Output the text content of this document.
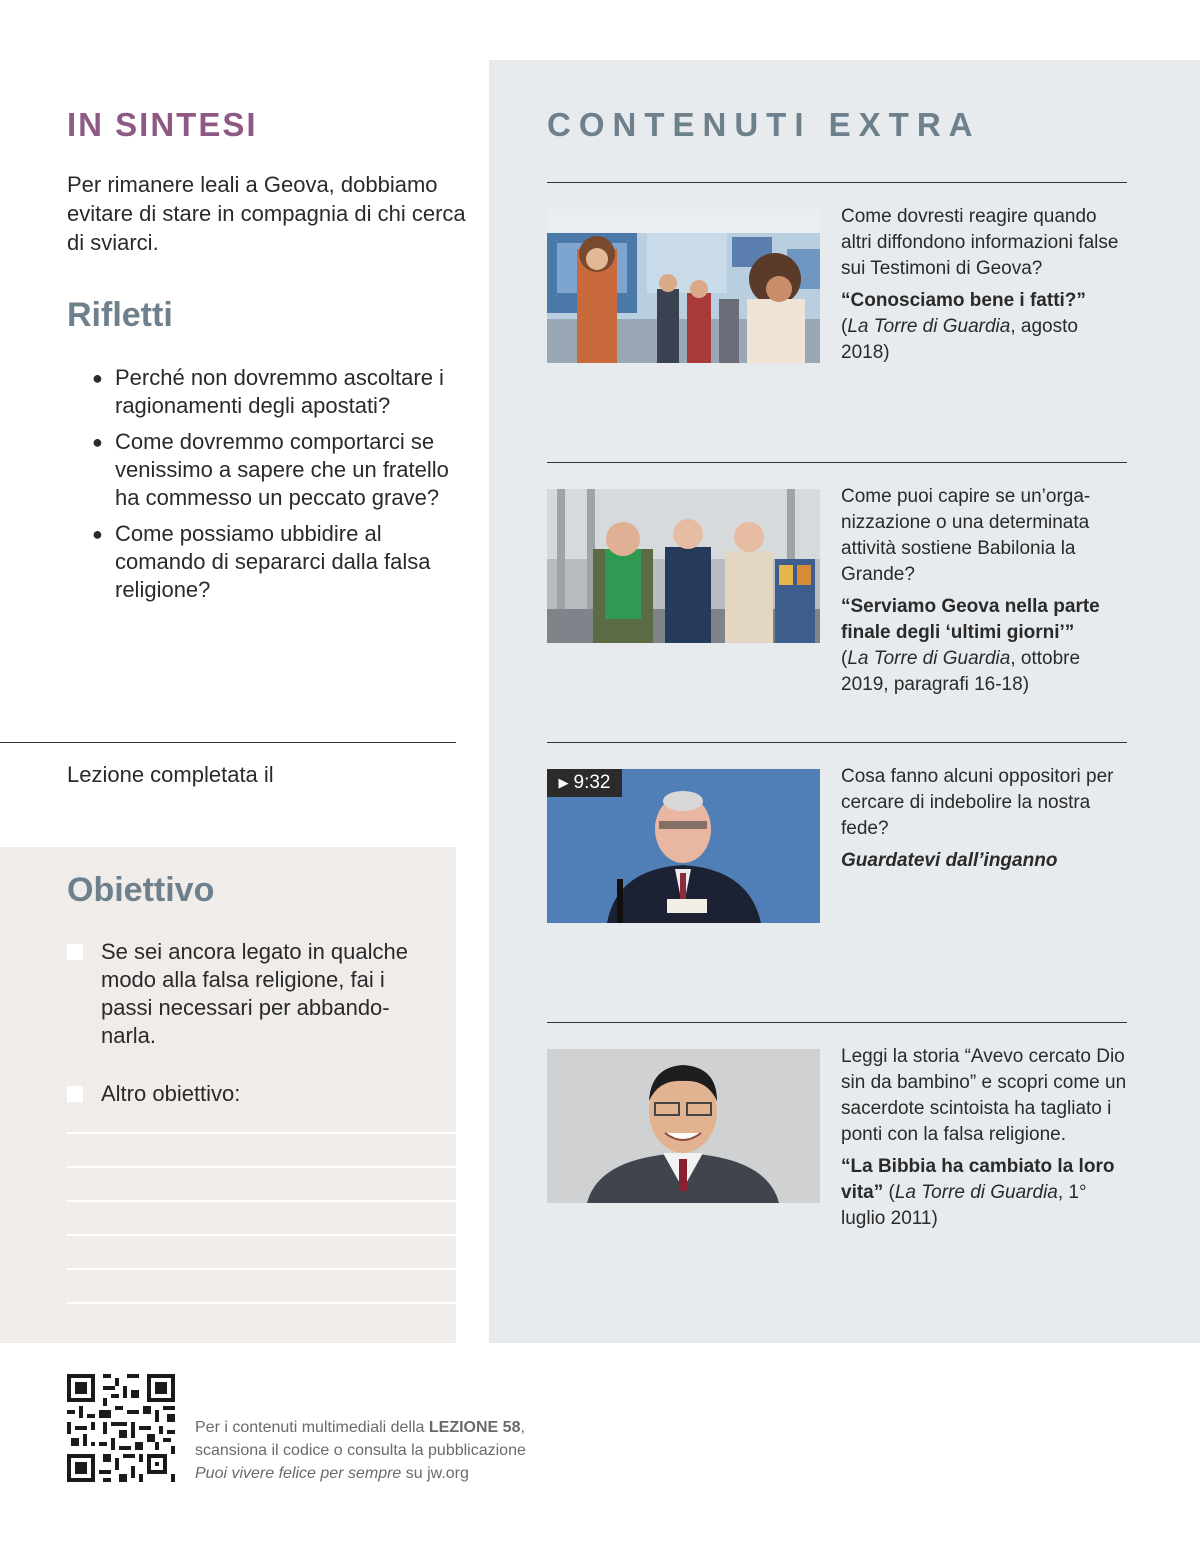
IN SINTESI

Per rimanere leali a Geova, dobbiamo evitare di stare in compagnia di chi cerca di sviarci.

Rifletti
● Perché non dovremmo ascoltare i ragionamenti degli apostati?
● Come dovremmo comportarci se venissimo a sapere che un fratello ha commesso un peccato grave?
● Come possiamo ubbidire al comando di separarci dalla falsa religione?

Lezione completata il

Obiettivo
Se sei ancora legato in qualche modo alla falsa religione, fai i passi necessari per abbando-narla.
Altro obiettivo:
CONTENUTI EXTRA

Come dovresti reagire quando altri diffondono informazioni false sui Testimoni di Geova?

“Conosciamo bene i fatti?”
(La Torre di Guardia, agosto 2018)

Come puoi capire se un’orga-nizzazione o una determinata attività sostiene Babilonia la Grande?

“Serviamo Geova nella parte finale degli ‘ultimi giorni’”
(La Torre di Guardia, ottobre 2019, paragrafi 16-18)

▶ 9:32	Cosa fanno alcuni oppositori per cercare di indebolire la nostra fede?

Guardatevi dall’inganno

Leggi la storia “Avevo cercato Dio sin da bambino” e scopri come un sacerdote scintoista ha tagliato i ponti con la falsa religione.

“La Bibbia ha cambiato la loro vita” (La Torre di Guardia, 1° luglio 2011)

Per i contenuti multimediali della LEZIONE 58,
scansiona il codice o consulta la pubblicazione
Puoi vivere felice per sempre su jw.org
